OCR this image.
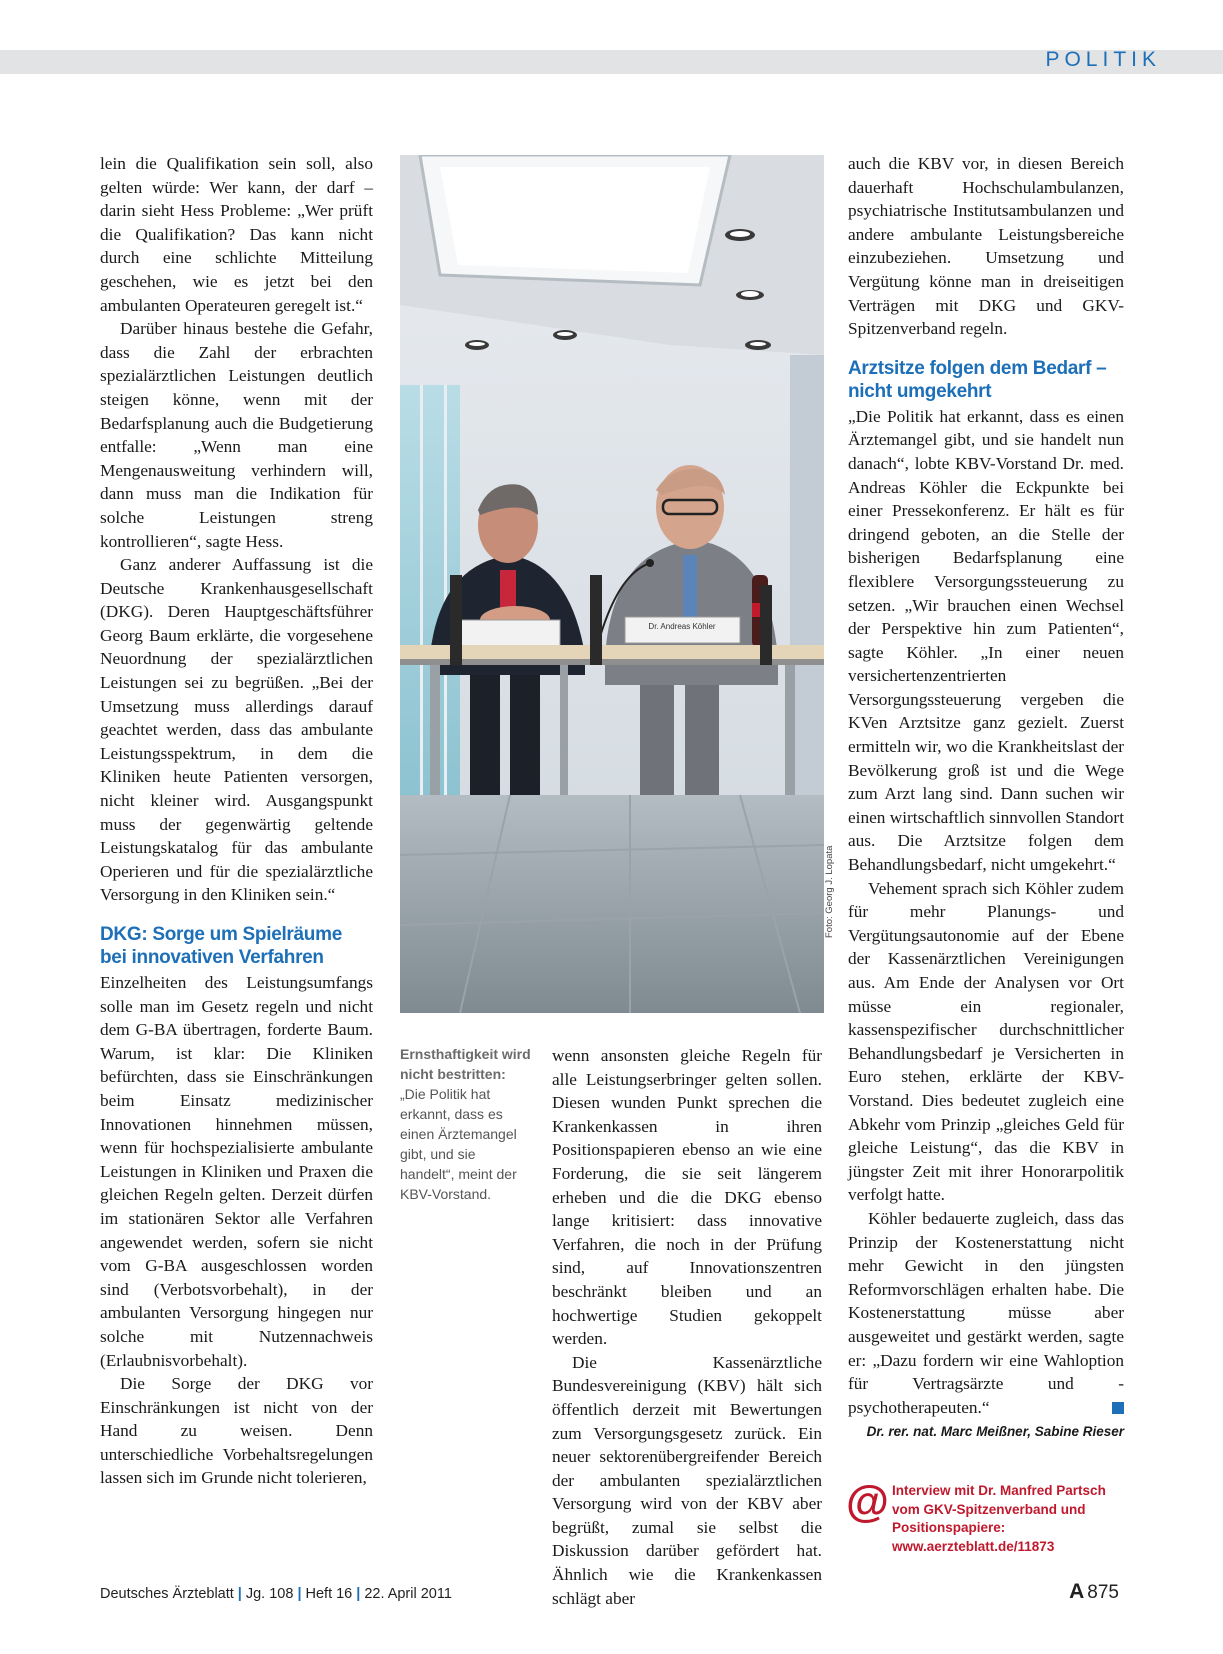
POLITIK

lein die Qualifikation sein soll, also gelten würde: Wer kann, der darf – darin sieht Hess Probleme: „Wer prüft die Qualifikation? Das kann nicht durch eine schlichte Mitteilung geschehen, wie es jetzt bei den ambulanten Operateuren geregelt ist.“

Darüber hinaus bestehe die Gefahr, dass die Zahl der erbrachten spezialärztlichen Leistungen deutlich steigen könne, wenn mit der Bedarfsplanung auch die Budgetierung entfalle: „Wenn man eine Mengenausweitung verhindern will, dann muss man die Indikation für solche Leistungen streng kontrollieren“, sagte Hess.

Ganz anderer Auffassung ist die Deutsche Krankenhausgesellschaft (DKG). Deren Hauptgeschäftsführer Georg Baum erklärte, die vorgesehene Neuordnung der spezialärztlichen Leistungen sei zu begrüßen. „Bei der Umsetzung muss allerdings darauf geachtet werden, dass das ambulante Leistungsspektrum, in dem die Kliniken heute Patienten versorgen, nicht kleiner wird. Ausgangspunkt muss der gegenwärtig geltende Leistungskatalog für das ambulante Operieren und für die spezialärztliche Versorgung in den Kliniken sein.“

DKG: Sorge um Spielräume bei innovativen Verfahren

Einzelheiten des Leistungsumfangs solle man im Gesetz regeln und nicht dem G-BA übertragen, forderte Baum. Warum, ist klar: Die Kliniken befürchten, dass sie Einschränkungen beim Einsatz medizinischer Innovationen hinnehmen müssen, wenn für hochspezialisierte ambulante Leistungen in Kliniken und Praxen die gleichen Regeln gelten. Derzeit dürfen im stationären Sektor alle Verfahren angewendet werden, sofern sie nicht vom G-BA ausgeschlossen worden sind (Verbotsvorbehalt), in der ambulanten Versorgung hingegen nur solche mit Nutzennachweis (Erlaubnisvorbehalt).

Die Sorge der DKG vor Einschränkungen ist nicht von der Hand zu weisen. Denn unterschiedliche Vorbehaltsregelungen lassen sich im Grunde nicht tolerieren,

Dr. Andreas Köhler
Foto: Georg J. Lopata
Ernsthaftigkeit wird nicht bestritten: „Die Politik hat erkannt, dass es einen Ärztemangel gibt, und sie handelt“, meint der KBV-Vorstand.

wenn ansonsten gleiche Regeln für alle Leistungserbringer gelten sollen. Diesen wunden Punkt sprechen die Krankenkassen in ihren Positionspapieren ebenso an wie eine Forderung, die sie seit längerem erheben und die die DKG ebenso lange kritisiert: dass innovative Verfahren, die noch in der Prüfung sind, auf Innovationszentren beschränkt bleiben und an hochwertige Studien gekoppelt werden.

Die Kassenärztliche Bundesvereinigung (KBV) hält sich öffentlich derzeit mit Bewertungen zum Versorgungsgesetz zurück. Ein neuer sektorenübergreifender Bereich der ambulanten spezialärztlichen Versorgung wird von der KBV aber begrüßt, zumal sie selbst die Diskussion darüber gefördert hat. Ähnlich wie die Krankenkassen schlägt aber

auch die KBV vor, in diesen Bereich dauerhaft Hochschulambulanzen, psychiatrische Institutsambulanzen und andere ambulante Leistungsbereiche einzubeziehen. Umsetzung und Vergütung könne man in dreiseitigen Verträgen mit DKG und GKV-Spitzenverband regeln.

Arztsitze folgen dem Bedarf – nicht umgekehrt

„Die Politik hat erkannt, dass es einen Ärztemangel gibt, und sie handelt nun danach“, lobte KBV-Vorstand Dr. med. Andreas Köhler die Eckpunkte bei einer Pressekonferenz. Er hält es für dringend geboten, an die Stelle der bisherigen Bedarfsplanung eine flexiblere Versorgungssteuerung zu setzen. „Wir brauchen einen Wechsel der Perspektive hin zum Patienten“, sagte Köhler. „In einer neuen versichertenzentrierten Versorgungssteuerung vergeben die KVen Arztsitze ganz gezielt. Zuerst ermitteln wir, wo die Krankheitslast der Bevölkerung groß ist und die Wege zum Arzt lang sind. Dann suchen wir einen wirtschaftlich sinnvollen Standort aus. Die Arztsitze folgen dem Behandlungsbedarf, nicht umgekehrt.“

Vehement sprach sich Köhler zudem für mehr Planungs- und Vergütungsautonomie auf der Ebene der Kassenärztlichen Vereinigungen aus. Am Ende der Analysen vor Ort müsse ein regionaler, kassenspezifischer durchschnittlicher Behandlungsbedarf je Versicherten in Euro stehen, erklärte der KBV-Vorstand. Dies bedeutet zugleich eine Abkehr vom Prinzip „gleiches Geld für gleiche Leistung“, das die KBV in jüngster Zeit mit ihrer Honorarpolitik verfolgt hatte.

Köhler bedauerte zugleich, dass das Prinzip der Kostenerstattung nicht mehr Gewicht in den jüngsten Reformvorschlägen erhalten habe. Die Kostenerstattung müsse aber ausgeweitet und gestärkt werden, sagte er: „Dazu fordern wir eine Wahloption für Vertragsärzte und -psychotherapeuten.“

Dr. rer. nat. Marc Meißner, Sabine Rieser
@ Interview mit Dr. Manfred Partsch vom GKV-Spitzenverband und Positionspapiere: www.aerzteblatt.de/11873
Deutsches Ärzteblatt | Jg. 108 | Heft 16 | 22. April 2011	A 875
